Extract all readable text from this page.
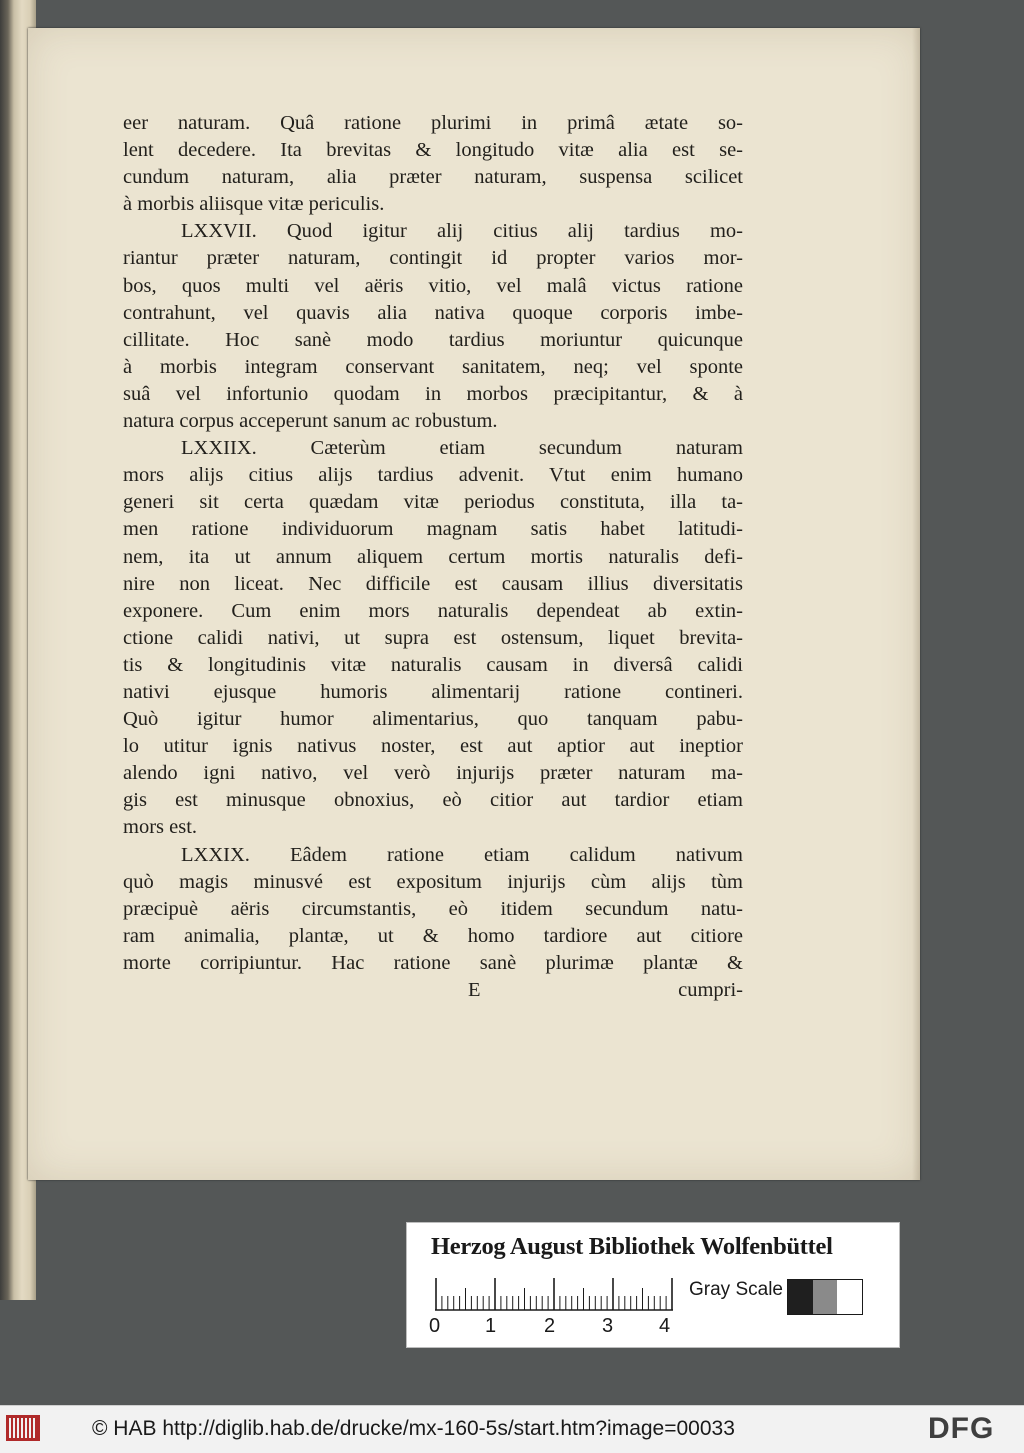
eer naturam. Quâ ratione plurimi in primâ ætate so-
lent decedere. Ita brevitas & longitudo vitæ alia est se-
cundum naturam, alia præter naturam, suspensa scilicet
à morbis aliisque vitæ periculis.
LXXVII. Quod igitur alij citius alij tardius mo-
riantur præter naturam, contingit id propter varios mor-
bos, quos multi vel aëris vitio, vel malâ victus ratione
contrahunt, vel quavis alia nativa quoque corporis imbe-
cillitate. Hoc sanè modo tardius moriuntur quicunque
à morbis integram conservant sanitatem, neq; vel sponte
suâ vel infortunio quodam in morbos præcipitantur, & à
natura corpus acceperunt sanum ac robustum.
LXXIIX. Cæterùm etiam secundum naturam
mors alijs citius alijs tardius advenit. Vtut enim humano
generi sit certa quædam vitæ periodus constituta, illa ta-
men ratione individuorum magnam satis habet latitudi-
nem, ita ut annum aliquem certum mortis naturalis defi-
nire non liceat. Nec difficile est causam illius diversitatis
exponere. Cum enim mors naturalis dependeat ab extin-
ctione calidi nativi, ut supra est ostensum, liquet brevita-
tis & longitudinis vitæ naturalis causam in diversâ calidi
nativi ejusque humoris alimentarij ratione contineri.
Quò igitur humor alimentarius, quo tanquam pabu-
lo utitur ignis nativus noster, est aut aptior aut ineptior
alendo igni nativo, vel verò injurijs præter naturam ma-
gis est minusque obnoxius, eò citior aut tardior etiam
mors est.
LXXIX. Eâdem ratione etiam calidum nativum
quò magis minusvé est expositum injurijs cùm alijs tùm
præcipuè aëris circumstantis, eò itidem secundum natu-
ram animalia, plantæ, ut & homo tardiore aut citiore
morte corripiuntur. Hac ratione sanè plurimæ plantæ &
E	cumpri-
Herzog August Bibliothek Wolfenbüttel
0 1 2 3 4
Gray Scale
© HAB http://diglib.hab.de/drucke/mx-160-5s/start.htm?image=00033	DFG
